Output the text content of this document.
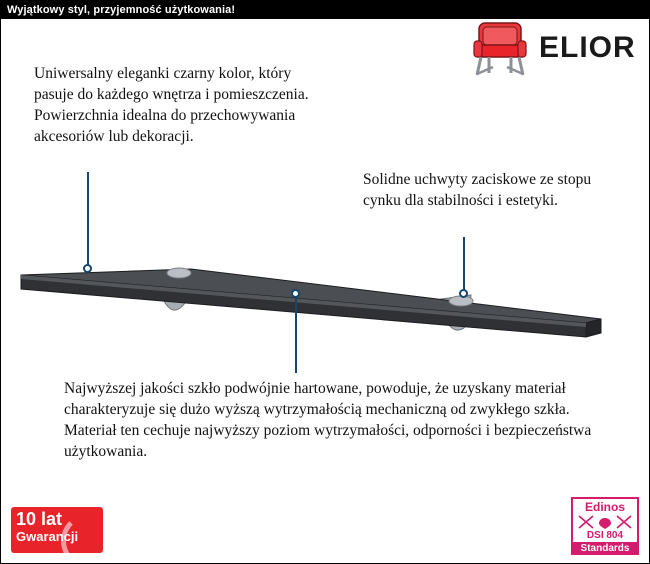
Wyjątkowy styl, przyjemność użytkowania!
ELIOR
Uniwersalny eleganki czarny kolor, który pasuje do każdego wnętrza i pomieszczenia. Powierzchnia idealna do przechowywania akcesoriów lub dekoracji.
Solidne uchwyty zaciskowe ze stopu cynku dla stabilności i estetyki.
Najwyższej jakości szkło podwójnie hartowane, powoduje, że uzyskany materiał charakteryzuje się dużo wyższą wytrzymałością mechaniczną od zwykłego szkła. Materiał ten cechuje najwyższy poziom wytrzymałości, odporności i bezpieczeństwa użytkowania.
10 lat
Gwarancji
Edinos
DSI 804
Standards
